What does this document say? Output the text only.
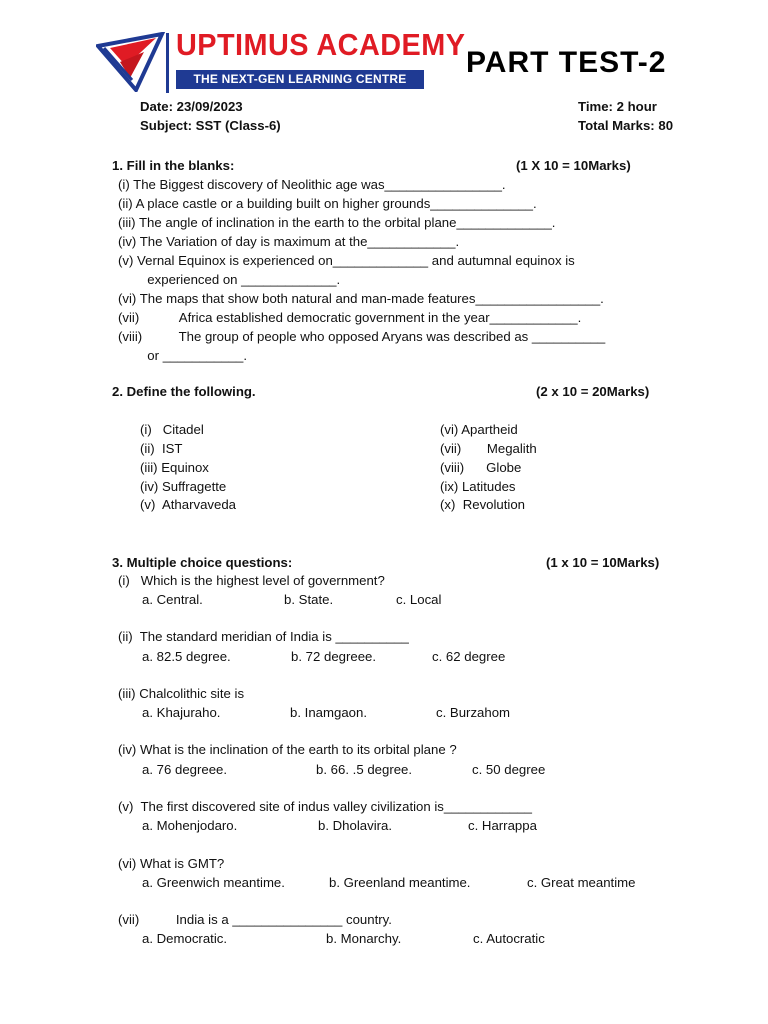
UPTIMUS ACADEMY
THE NEXT-GEN LEARNING CENTRE	PART TEST-2
Date: 23/09/2023
Subject: SST (Class-6)
Time: 2 hour
Total Marks: 80
1. Fill in the blanks:	(1 X 10 = 10Marks)
(i) The Biggest discovery of Neolithic age was________________.
(ii) A place castle or a building built on higher grounds______________.
(iii) The angle of inclination in the earth to the orbital plane_____________.
(iv) The Variation of day is maximum at the____________.
(v) Vernal Equinox is experienced on_____________ and autumnal equinox is
experienced on _____________.
(vi) The maps that show both natural and man-made features_________________.
(vii)           Africa established democratic government in the year____________.
(viii)          The group of people who opposed Aryans was described as __________
or ___________.
2. Define the following.	(2 x 10 = 20Marks)
(i)   Citadel
(ii)  IST
(iii) Equinox
(iv) Suffragette
(v)  Atharvaveda
(vi) Apartheid
(vii)       Megalith
(viii)      Globe
(ix) Latitudes
(x)  Revolution
3. Multiple choice questions:	(1 x 10 = 10Marks)
(i)   Which is the highest level of government?
a. Central.	b. State.	c. Local
(ii)  The standard meridian of India is __________
a. 82.5 degree.	b. 72 degreee.	c. 62 degree
(iii) Chalcolithic site is
a. Khajuraho.	b. Inamgaon.	c. Burzahom
(iv) What is the inclination of the earth to its orbital plane ?
a. 76 degreee.	b. 66. .5 degree.	c. 50 degree
(v)  The first discovered site of indus valley civilization is____________
a. Mohenjodaro.	b. Dholavira.	c. Harrappa
(vi) What is GMT?
a. Greenwich meantime.	b. Greenland meantime.	c. Great meantime
(vii)          India is a _______________ country.
a. Democratic.	b. Monarchy.	c. Autocratic
